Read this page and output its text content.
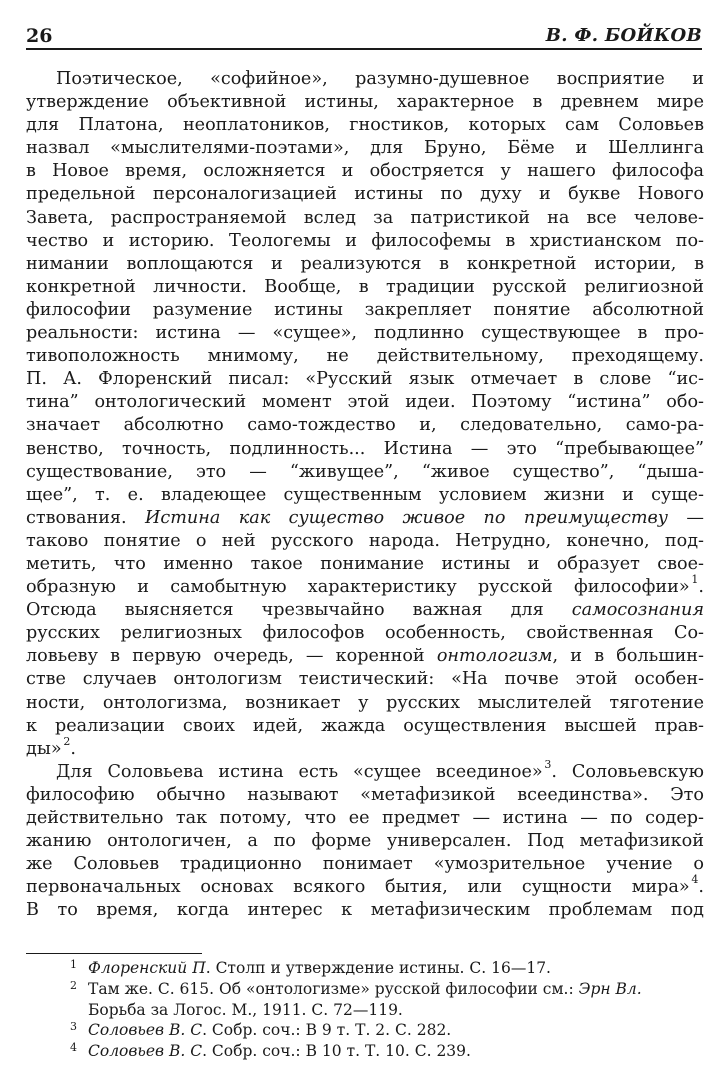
26	В. Ф. БОЙКОВ
Поэтическое, «софийное», разумно-душевное восприятие и
утверждение объективной истины, характерное в древнем мире
для Платона, неоплатоников, гностиков, которых сам Соловьев
назвал «мыслителями-поэтами», для Бруно, Бёме и Шеллинга
в Новое время, осложняется и обостряется у нашего философа
предельной персоналогизацией истины по духу и букве Нового
Завета, распространяемой вслед за патристикой на все челове-
чество и историю. Теологемы и философемы в христианском по-
нимании воплощаются и реализуются в конкретной истории, в
конкретной личности. Вообще, в традиции русской религиозной
философии разумение истины закрепляет понятие абсолютной
реальности: истина — «сущее», подлинно существующее в про-
тивоположность мнимому, не действительному, преходящему.
П. А. Флоренский писал: «Русский язык отмечает в слове “ис-
тина” онтологический момент этой идеи. Поэтому “истина” обо-
значает абсолютно само-тождество и, следовательно, само-ра-
венство, точность, подлинность... Истина — это “пребывающее”
существование, это — “живущее”, “живое существо”, “дыша-
щее”, т. е. владеющее существенным условием жизни и суще-
ствования. Истина как существо живое по преимуществу —
таково понятие о ней русского народа. Нетрудно, конечно, под-
метить, что именно такое понимание истины и образует свое-
образную и самобытную характеристику русской философии»  $^1$.
Отсюда выясняется чрезвычайно важная для самосознания
русских религиозных философов особенность, свойственная Со-
ловьеву в первую очередь, — коренной онтологизм, и в большин-
стве случаев онтологизм теистический: «На почве этой особен-
ности, онтологизма, возникает у русских мыслителей тяготение
к реализации своих идей, жажда осуществления высшей прав-
ды»  $^2$.
Для Соловьева истина есть «сущее всеединое»  $^3$. Соловьевскую
философию обычно называют «метафизикой всеединства». Это
действительно так потому, что ее предмет — истина — по содер-
жанию онтологичен, а по форме универсален. Под метафизикой
же Соловьев традиционно понимает «умозрительное учение о
первоначальных основах всякого бытия, или сущности мира»  $^4$.
В то время, когда интерес к метафизическим проблемам под
1 Флоренский П. Столп и утверждение истины. С. 16—17.
2 Там же. С. 615. Об «онтологизме» русской философии см.: Эрн Вл.
Борьба за Логос. М., 1911. С. 72—119.
3 Соловьев В. С. Собр. соч.: В 9 т. Т. 2. С. 282.
4 Соловьев В. С. Собр. соч.: В 10 т. Т. 10. С. 239.
